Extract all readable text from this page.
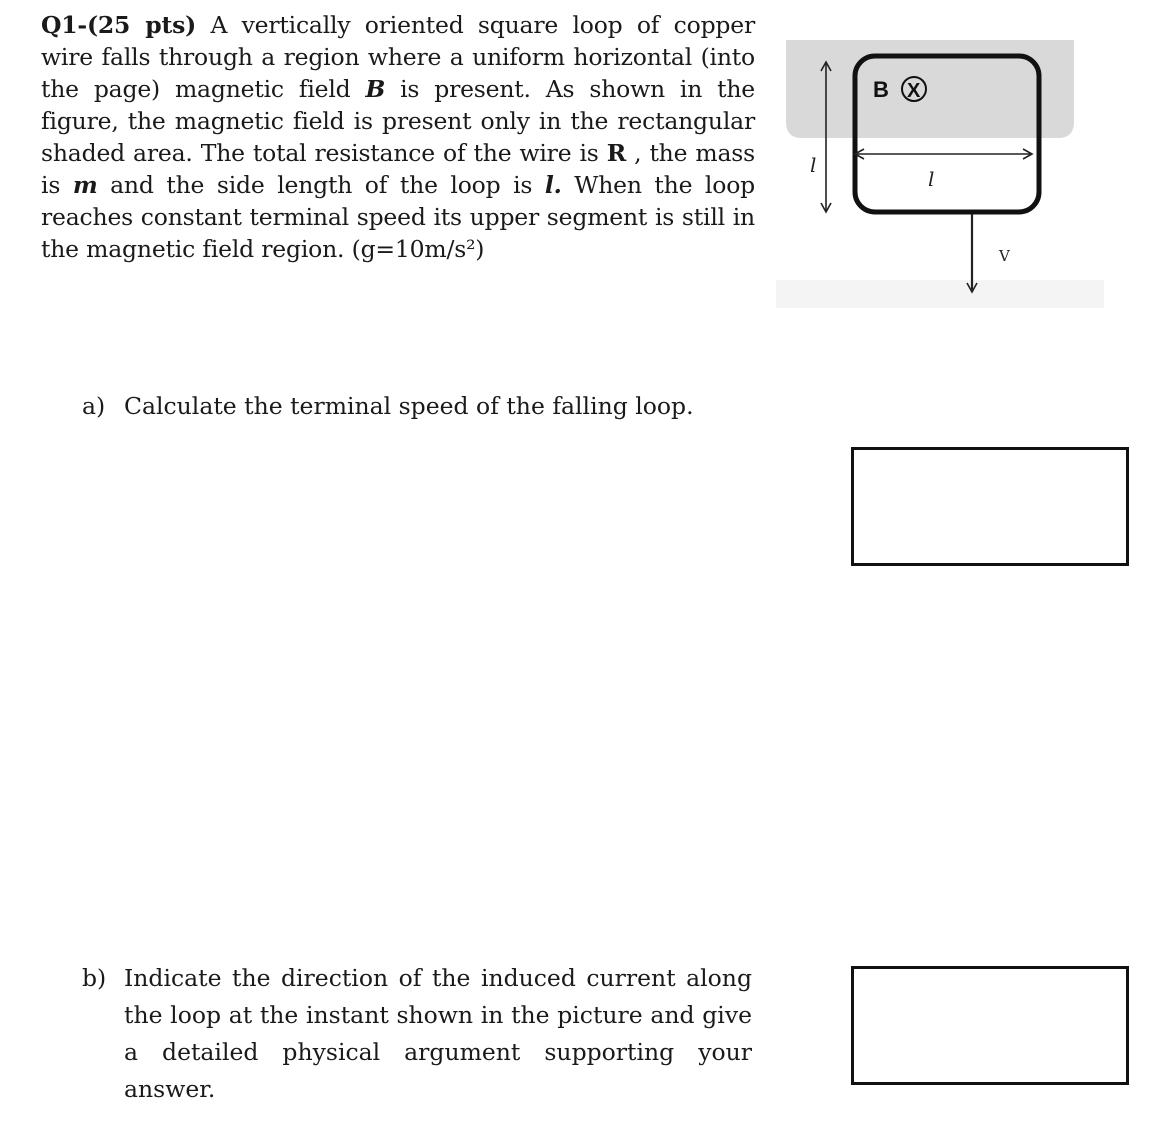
Q1-(25 pts) A vertically oriented square loop of copper wire falls through a region where a uniform horizontal (into the page) magnetic field B is present. As shown in the figure, the magnetic field is present only in the rectangular shaded area. The total resistance of the wire is R , the mass is m and the side length of the loop is l. When the loop reaches constant terminal speed its upper segment is still in the magnetic field region. (g=10m/s²)
B X
l
l
V
a) Calculate the terminal speed of the falling loop.
b) Indicate the direction of the induced current along the loop at the instant shown in the picture and give a detailed physical argument supporting your answer.
